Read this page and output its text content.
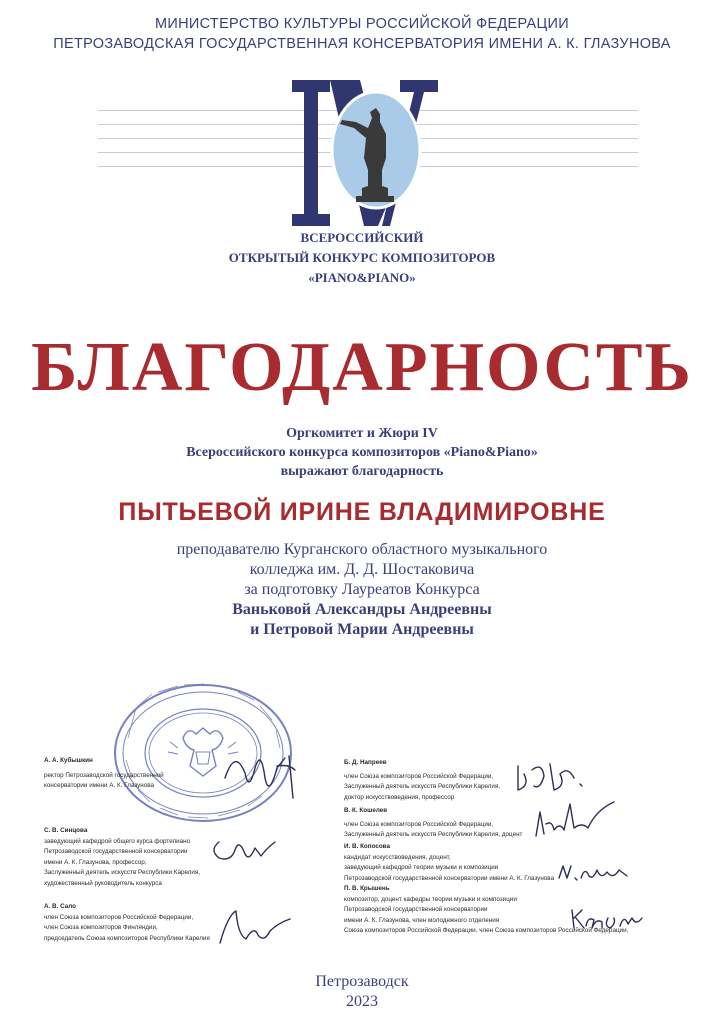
МИНИСТЕРСТВО КУЛЬТУРЫ РОССИЙСКОЙ ФЕДЕРАЦИИ
ПЕТРОЗАВОДСКАЯ ГОСУДАРСТВЕННАЯ КОНСЕРВАТОРИЯ ИМЕНИ А. К. ГЛАЗУНОВА
ВСЕРОССИЙСКИЙ
ОТКРЫТЫЙ КОНКУРС КОМПОЗИТОРОВ
«PIANO&PIANO»
БЛАГОДАРНОСТЬ
Оргкомитет и Жюри IV
Всероссийского конкурса композиторов «Piano&Piano»
выражают благодарность
ПЫТЬЕВОЙ ИРИНЕ ВЛАДИМИРОВНЕ
преподавателю Курганского областного музыкального
колледжа им. Д. Д. Шостаковича
за подготовку Лауреатов Конкурса
Ваньковой Александры Андреевны
и Петровой Марии Андреевны
А. А. Кубышкин
ректор Петрозаводской государственной
консерватории имени А. К. Глазунова
С. В. Синцова
заведующий кафедрой общего курса фортепиано
Петрозаводской государственной консерватории
имени А. К. Глазунова, профессор,
Заслуженный деятель искусств Республики Карелия,
художественный руководитель конкурса
А. В. Сало
член Союза композиторов Российской Федерации,
член Союза композиторов Финляндии,
председатель Союза композиторов Республики Карелия
Б. Д. Напреев
член Союза композиторов Российской Федерации,
Заслуженный деятель искусств Республики Карелия,
доктор искусствоведения, профессор
В. К. Кошелев
член Союза композиторов Российской Федерации,
Заслуженный деятель искусств Республики Карелия, доцент
И. В. Копосова
кандидат искусствоведения, доцент,
заведующий кафедрой теории музыки и композиции
Петрозаводской государственной консерватории имени А. К. Глазунова
П. В. Крышень
композитор, доцент кафедры теории музыки и композиции
Петрозаводской государственной консерватории
имени А. К. Глазунова, член молодежного отделения
Союза композиторов Российской Федерации, член Союза композиторов Российской Федерации,
Петрозаводск
2023
